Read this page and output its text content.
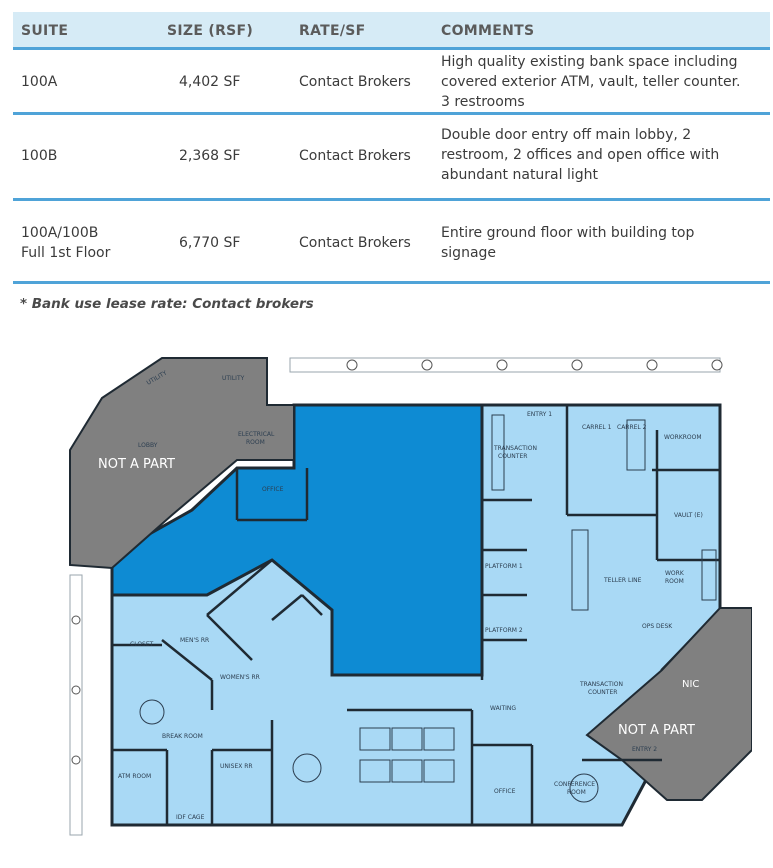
SUITE	SIZE (RSF)	RATE/SF	COMMENTS
100A	4,402 SF	Contact Brokers
High quality existing bank space including
covered exterior ATM, vault, teller counter.
3 restrooms
100B	2,368 SF	Contact Brokers
Double door entry off main lobby, 2
restroom, 2 offices and open office with
abundant natural light
100A/100B
Full 1st Floor
6,770 SF	Contact Brokers
Entire ground floor with building top
signage
* Bank use lease rate: Contact brokers
NOT A PART
NOT A PART
UTILITY	UTILITY
LOBBY
ELECTRICAL
ROOM
OFFICE
ENTRY 1
TRANSACTION
COUNTER
CARREL 1 CARREL 2
WORKROOM
VAULT (E)
PLATFORM 1
PLATFORM 2
TELLER LINE
WORK
ROOM
OPS DESK
CLOSET
MEN'S RR
WOMEN'S RR
TRANSACTION
COUNTER
NIC
BREAK ROOM
WAITING
ENTRY 2
UNISEX RR
ATM ROOM
IDF CAGE
OFFICE
CONFERENCE
ROOM
